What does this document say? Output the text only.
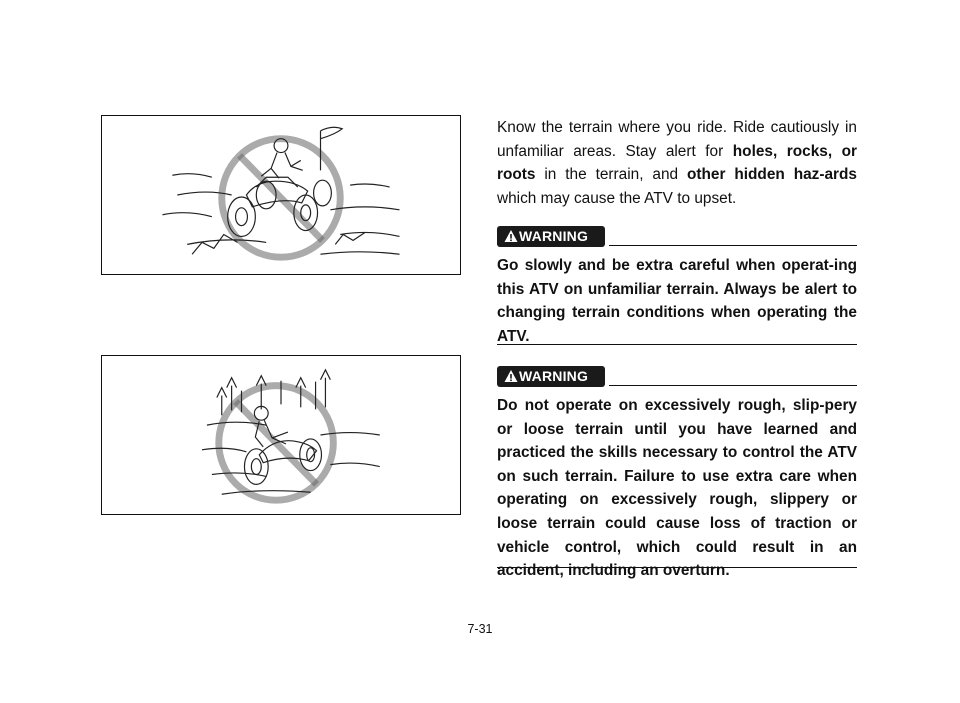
Know the terrain where you ride. Ride cautiously in unfamiliar areas. Stay alert for holes, rocks, or roots in the terrain, and other hidden haz-ards which may cause the ATV to upset.

WARNING

Go slowly and be extra careful when operat-ing this ATV on unfamiliar terrain. Always be alert to changing terrain conditions when operating the ATV.

WARNING

Do not operate on excessively rough, slip-pery or loose terrain until you have learned and practiced the skills necessary to control the ATV on such terrain. Failure to use extra care when operating on excessively rough, slippery or loose terrain could cause loss of traction or vehicle control, which could result in an accident, including an overturn.

7-31
